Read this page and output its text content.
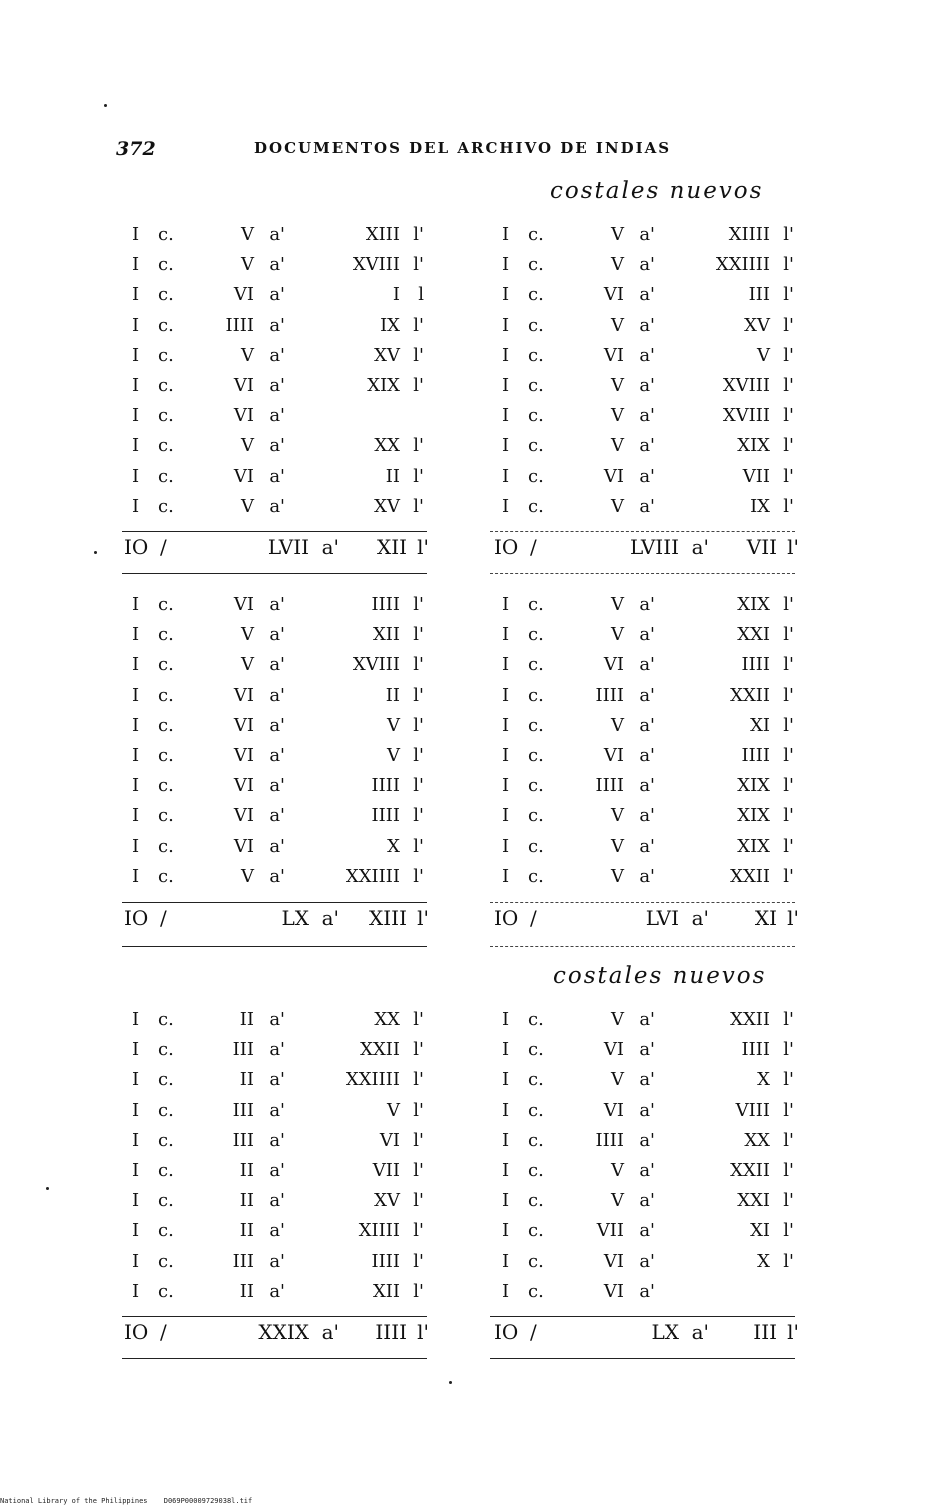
372	DOCUMENTOS DEL ARCHIVO DE INDIAS
costales nuevos
costales nuevos
I c.	V a'	XIII l'
I c.	V a'	XVIII l'
I c.	VI a'	I l
I c.	IIII a'	IX l'
I c.	V a'	XV l'
I c.	VI a'	XIX l'
I c.	VI a'
I c.	V a'	XX l'
I c.	VI a'	II l'
I c.	V a'	XV l'
IO /	LVII a' XII l'
I c.	V a'	XIIII l'
I c.	V a'	XXIIII l'
I c.	VI a'	III l'
I c.	V a'	XV l'
I c.	VI a'	V l'
I c.	V a'	XVIII l'
I c.	V a'	XVIII l'
I c.	V a'	XIX l'
I c.	VI a'	VII l'
I c.	V a'	IX l'
IO /	LVIII a' VII l'
I c.	VI a'	IIII l'
I c.	V a'	XII l'
I c.	V a'	XVIII l'
I c.	VI a'	II l'
I c.	VI a'	V l'
I c.	VI a'	V l'
I c.	VI a'	IIII l'
I c.	VI a'	IIII l'
I c.	VI a'	X l'
I c.	V a'	XXIIII l'
IO /	LX a' XIII l'
I c.	V a'	XIX l'
I c.	V a'	XXI l'
I c.	VI a'	IIII l'
I c.	IIII a'	XXII l'
I c.	V a'	XI l'
I c.	VI a'	IIII l'
I c.	IIII a'	XIX l'
I c.	V a'	XIX l'
I c.	V a'	XIX l'
I c.	V a'	XXII l'
IO /	LVI a' XI l'
I c.	II a'	XX l'
I c.	III a'	XXII l'
I c.	II a'	XXIIII l'
I c.	III a'	V l'
I c.	III a'	VI l'
I c.	II a'	VII l'
I c.	II a'	XV l'
I c.	II a'	XIIII l'
I c.	III a'	IIII l'
I c.	II a'	XII l'
IO /	XXIX a' IIII l'
I c.	V a'	XXII l'
I c.	VI a'	IIII l'
I c.	V a'	X l'
I c.	VI a'	VIII l'
I c.	IIII a'	XX l'
I c.	V a'	XXII l'
I c.	V a'	XXI l'
I c.	VII a'	XI l'
I c.	VI a'	X l'
I c.	VI a'
IO /	LX a' III l'
National Library of the Philippines D069P00009729038l.tif
